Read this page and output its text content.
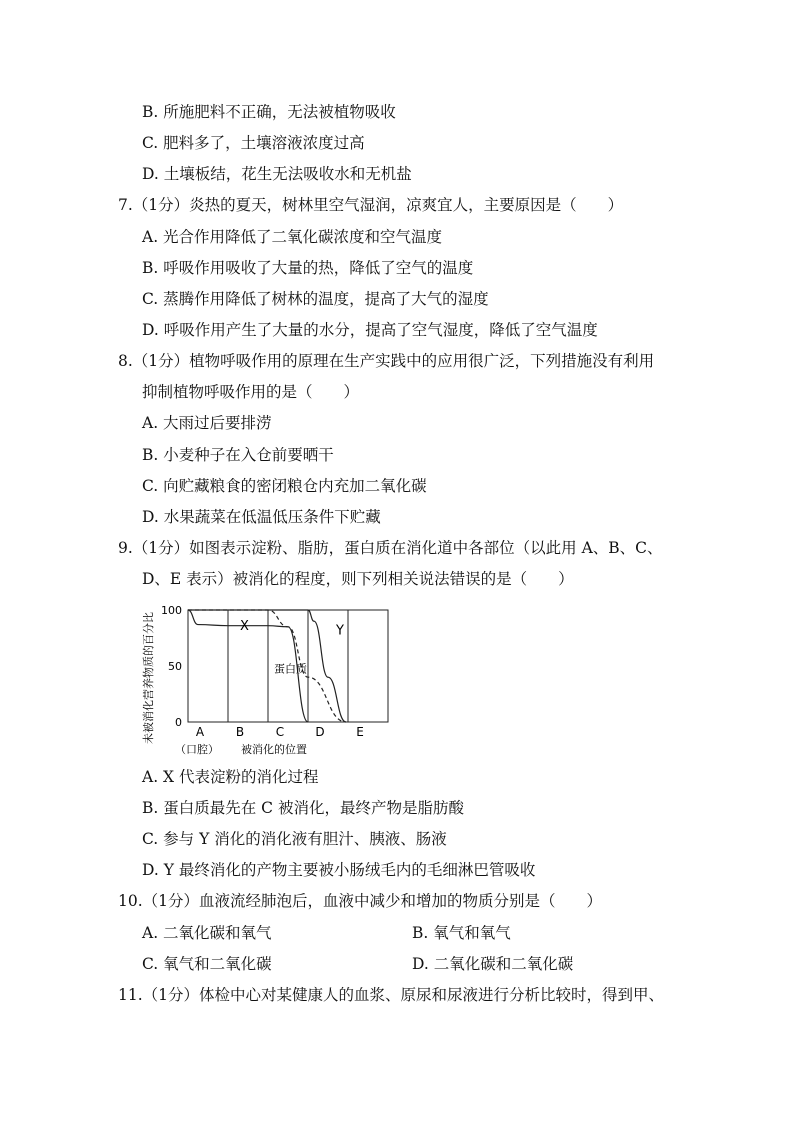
B. 所施肥料不正确，无法被植物吸收
C. 肥料多了，土壤溶液浓度过高
D. 土壤板结，花生无法吸收水和无机盐
7.（1分）炎热的夏天，树林里空气湿润，凉爽宜人，主要原因是（　　）
A. 光合作用降低了二氧化碳浓度和空气温度
B. 呼吸作用吸收了大量的热，降低了空气的温度
C. 蒸腾作用降低了树林的温度，提高了大气的湿度
D. 呼吸作用产生了大量的水分，提高了空气湿度，降低了空气温度
8.（1分）植物呼吸作用的原理在生产实践中的应用很广泛，下列措施没有利用
抑制植物呼吸作用的是（　　）
A. 大雨过后要排涝
B. 小麦种子在入仓前要晒干
C. 向贮藏粮食的密闭粮仓内充加二氧化碳
D. 水果蔬菜在低温低压条件下贮藏
9.（1分）如图表示淀粉、脂肪，蛋白质在消化道中各部位（以此用 A、B、C、
D、E 表示）被消化的程度，则下列相关说法错误的是（　　）
未被消化营养物质的百分比
100
50
0
A	B	C	D	E
X	Y
蛋白质
（口腔） 被消化的位置
A. X 代表淀粉的消化过程
B. 蛋白质最先在 C 被消化，最终产物是脂肪酸
C. 参与 Y 消化的消化液有胆汁、胰液、肠液
D. Y 最终消化的产物主要被小肠绒毛内的毛细淋巴管吸收
10.（1分）血液流经肺泡后，血液中减少和增加的物质分别是（　　）
A. 二氧化碳和氧气	B. 氧气和氧气
C. 氧气和二氧化碳	D. 二氧化碳和二氧化碳
11.（1分）体检中心对某健康人的血浆、原尿和尿液进行分析比较时，得到甲、
